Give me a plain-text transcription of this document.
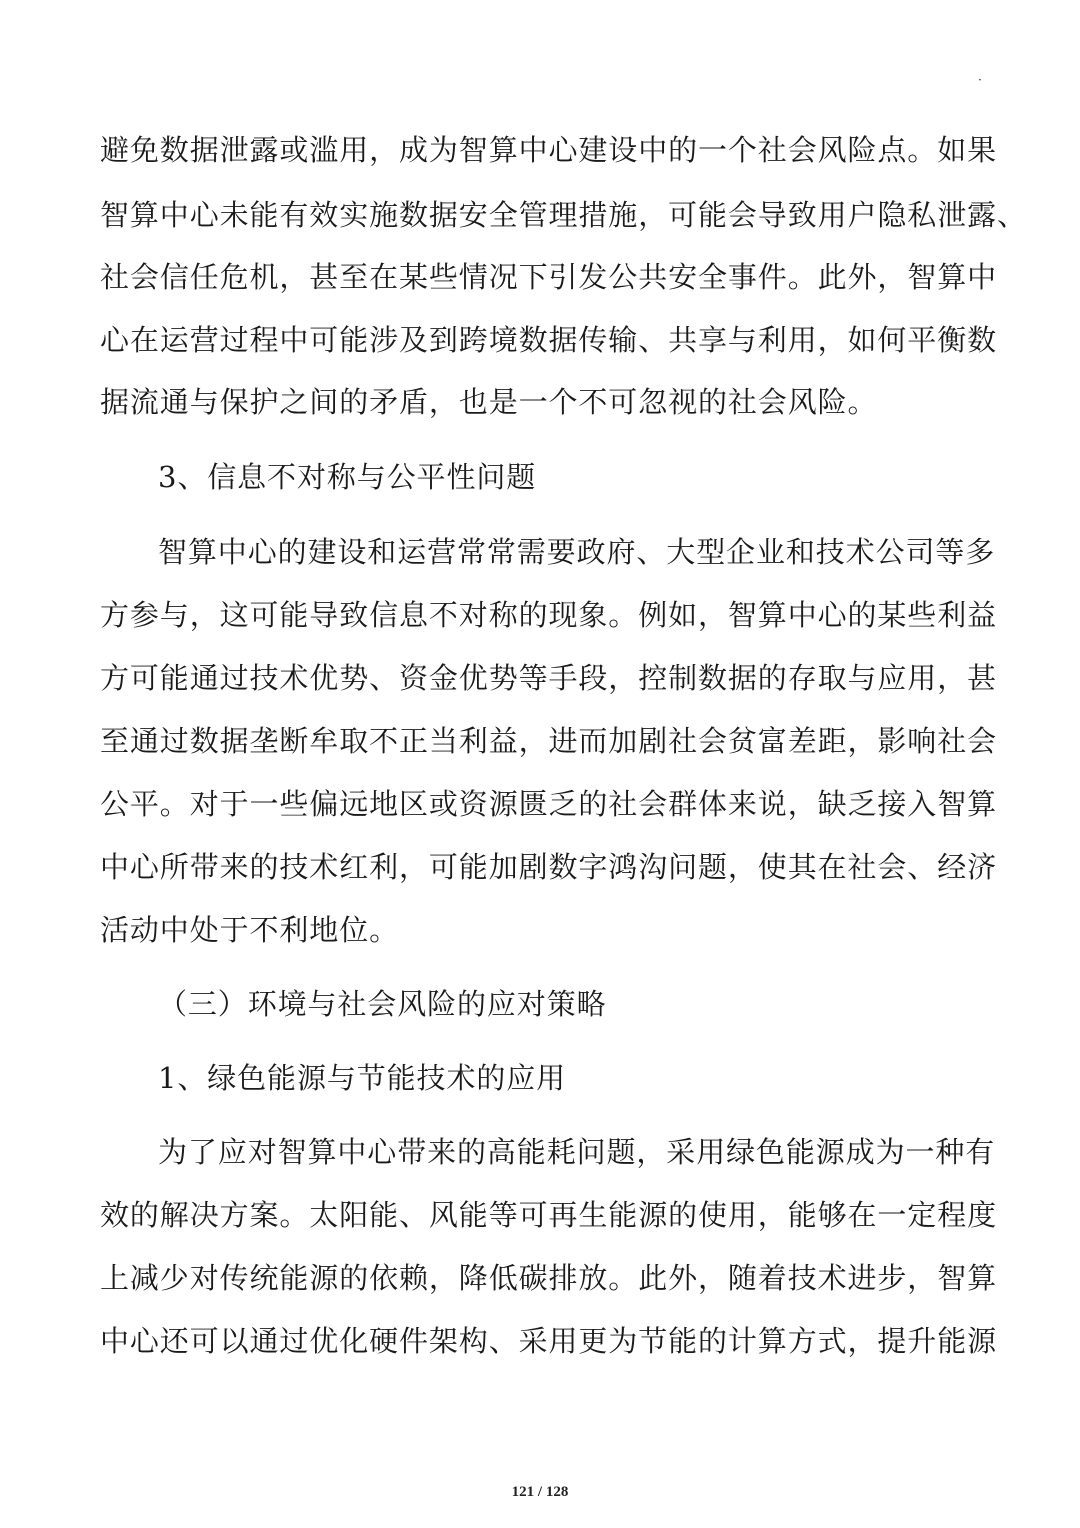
·
避免数据泄露或滥用，成为智算中心建设中的一个社会风险点。如果
智算中心未能有效实施数据安全管理措施，可能会导致用户隐私泄露、
社会信任危机，甚至在某些情况下引发公共安全事件。此外，智算中
心在运营过程中可能涉及到跨境数据传输、共享与利用，如何平衡数
据流通与保护之间的矛盾，也是一个不可忽视的社会风险。
3、信息不对称与公平性问题
智算中心的建设和运营常常需要政府、大型企业和技术公司等多
方参与，这可能导致信息不对称的现象。例如，智算中心的某些利益
方可能通过技术优势、资金优势等手段，控制数据的存取与应用，甚
至通过数据垄断牟取不正当利益，进而加剧社会贫富差距，影响社会
公平。对于一些偏远地区或资源匮乏的社会群体来说，缺乏接入智算
中心所带来的技术红利，可能加剧数字鸿沟问题，使其在社会、经济
活动中处于不利地位。
（三）环境与社会风险的应对策略
1、绿色能源与节能技术的应用
为了应对智算中心带来的高能耗问题，采用绿色能源成为一种有
效的解决方案。太阳能、风能等可再生能源的使用，能够在一定程度
上减少对传统能源的依赖，降低碳排放。此外，随着技术进步，智算
中心还可以通过优化硬件架构、采用更为节能的计算方式，提升能源
121 / 128
